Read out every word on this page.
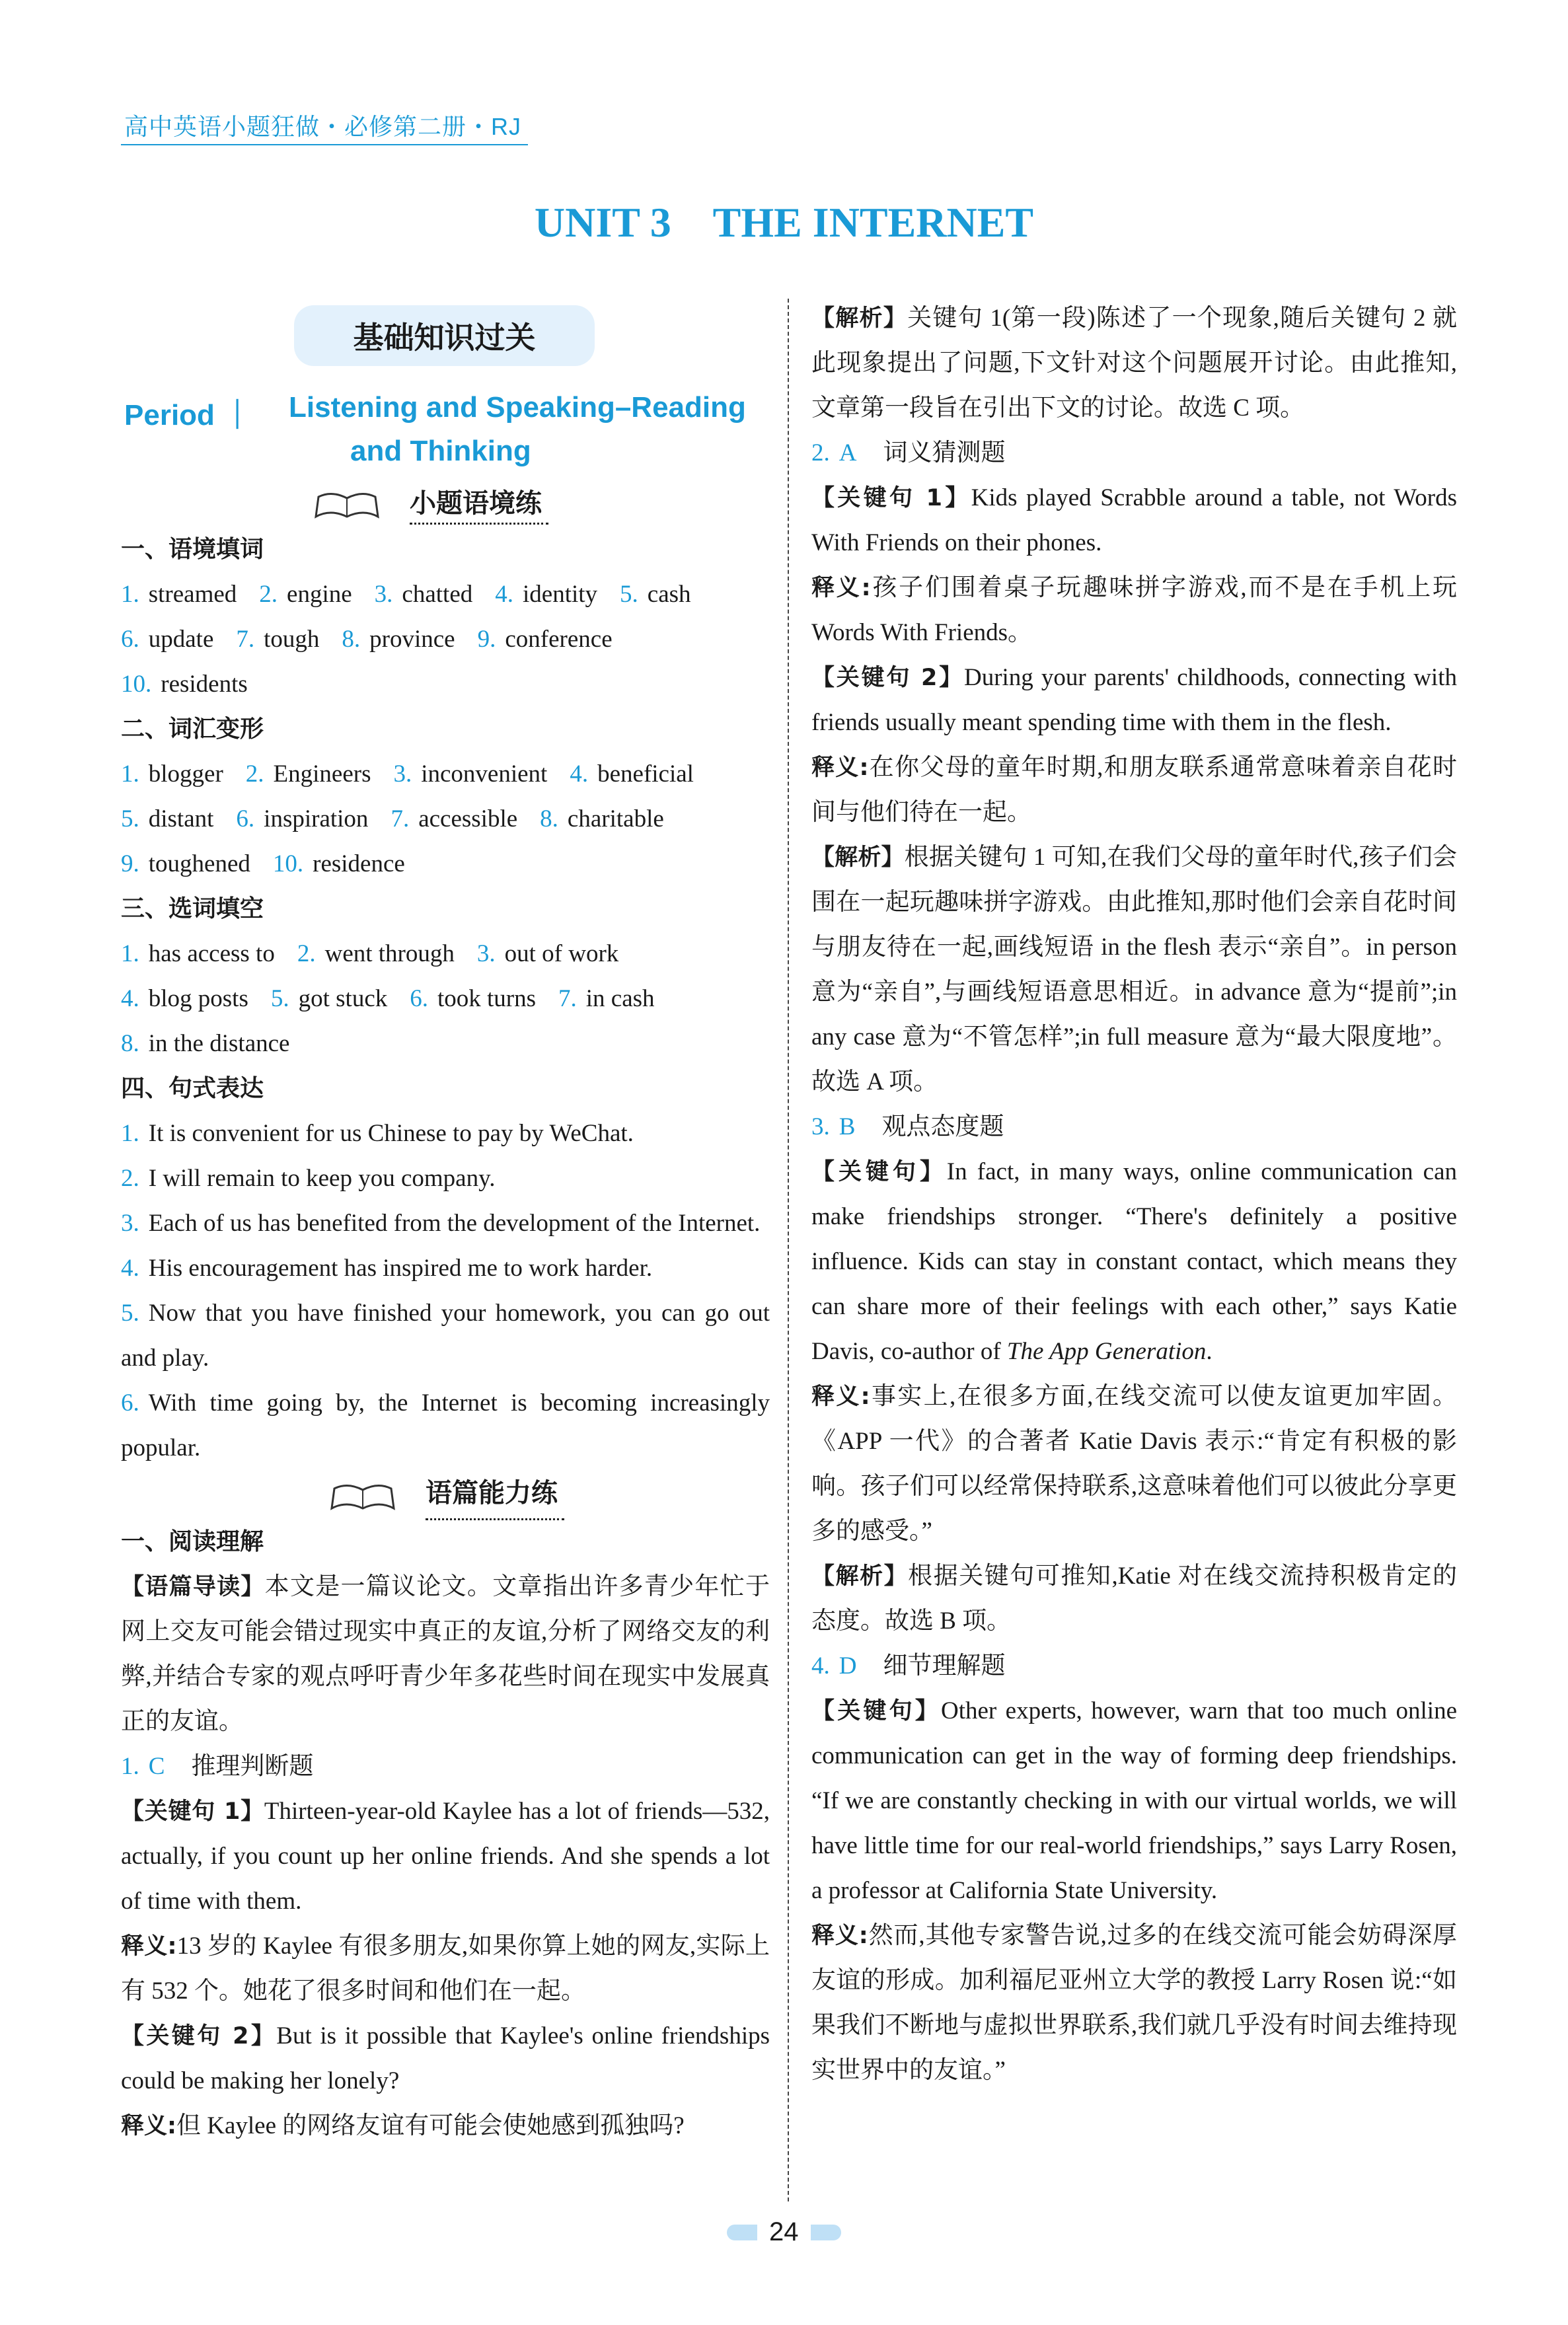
高中英语小题狂做・必修第二册・RJ
UNIT 3    THE INTERNET
基础知识过关
Period ｜ Listening and Speaking–Reading
and Thinking
小题语境练
一、语境填词
1. streamed 2. engine 3. chatted 4. identity 5. cash
6. update 7. tough 8. province 9. conference
10. residents
二、词汇变形
1. blogger 2. Engineers 3. inconvenient 4. beneficial
5. distant 6. inspiration 7. accessible 8. charitable
9. toughened 10. residence
三、选词填空
1. has access to 2. went through 3. out of work
4. blog posts 5. got stuck 6. took turns 7. in cash
8. in the distance
四、句式表达

1. It is convenient for us Chinese to pay by WeChat.

2. I will remain to keep you company.

3. Each of us has benefited from the development of the Internet.

4. His encouragement has inspired me to work harder.

5. Now that you have finished your homework, you can go out and play.

6. With time going by, the Internet is becoming increasingly popular.

语篇能力练
一、阅读理解

【语篇导读】本文是一篇议论文。文章指出许多青少年忙于网上交友可能会错过现实中真正的友谊,分析了网络交友的利弊,并结合专家的观点呼吁青少年多花些时间在现实中发展真正的友谊。

1. C 推理判断题

【关键句 1】Thirteen-year-old Kaylee has a lot of friends—532, actually, if you count up her online friends. And she spends a lot of time with them.

释义:13 岁的 Kaylee 有很多朋友,如果你算上她的网友,实际上有 532 个。她花了很多时间和他们在一起。

【关键句 2】But is it possible that Kaylee's online friendships could be making her lonely?

释义:但 Kaylee 的网络友谊有可能会使她感到孤独吗?

【解析】关键句 1(第一段)陈述了一个现象,随后关键句 2 就此现象提出了问题,下文针对这个问题展开讨论。由此推知,文章第一段旨在引出下文的讨论。故选 C 项。

2. A 词义猜测题

【关键句 1】Kids played Scrabble around a table, not Words With Friends on their phones.

释义:孩子们围着桌子玩趣味拼字游戏,而不是在手机上玩 Words With Friends。

【关键句 2】During your parents' childhoods, connecting with friends usually meant spending time with them in the flesh.

释义:在你父母的童年时期,和朋友联系通常意味着亲自花时间与他们待在一起。

【解析】根据关键句 1 可知,在我们父母的童年时代,孩子们会围在一起玩趣味拼字游戏。由此推知,那时他们会亲自花时间与朋友待在一起,画线短语 in the flesh 表示“亲自”。in person 意为“亲自”,与画线短语意思相近。in advance 意为“提前”;in any case 意为“不管怎样”;in full measure 意为“最大限度地”。故选 A 项。

3. B 观点态度题

【关键句】In fact, in many ways, online communication can make friendships stronger. “There's definitely a positive influence. Kids can stay in constant contact, which means they can share more of their feelings with each other,” says Katie Davis, co-author of The App Generation.

释义:事实上,在很多方面,在线交流可以使友谊更加牢固。《APP 一代》的合著者 Katie Davis 表示:“肯定有积极的影响。孩子们可以经常保持联系,这意味着他们可以彼此分享更多的感受。”

【解析】根据关键句可推知,Katie 对在线交流持积极肯定的态度。故选 B 项。

4. D 细节理解题

【关键句】Other experts, however, warn that too much online communication can get in the way of forming deep friendships. “If we are constantly checking in with our virtual worlds, we will have little time for our real-world friendships,” says Larry Rosen, a professor at California State University.

释义:然而,其他专家警告说,过多的在线交流可能会妨碍深厚友谊的形成。加利福尼亚州立大学的教授 Larry Rosen 说:“如果我们不断地与虚拟世界联系,我们就几乎没有时间去维持现实世界中的友谊。”

24
